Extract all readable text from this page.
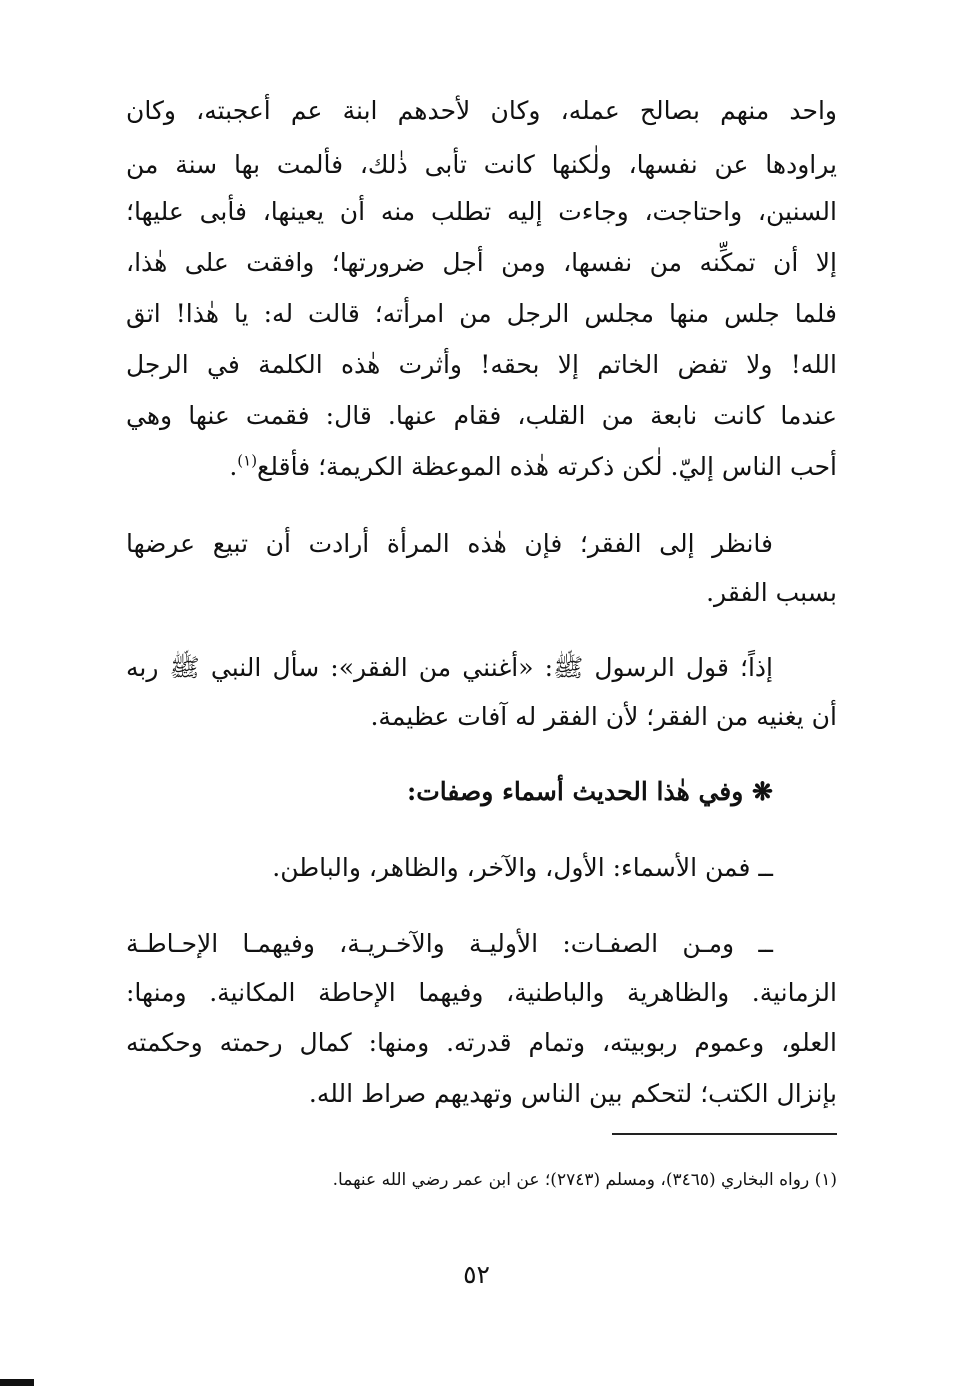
واحد منهم بصالح عمله، وكان لأحدهم ابنة عم أعجبته، وكان
يراودها عن نفسها، ولٰكنها كانت تأبى ذٰلك، فألمت بها سنة من
السنين، واحتاجت، وجاءت إليه تطلب منه أن يعينها، فأبى عليها؛
إلا أن تمكِّنه من نفسها، ومن أجل ضرورتها؛ وافقت على هٰذا،
فلما جلس منها مجلس الرجل من امرأته؛ قالت له: يا هٰذا! اتق
الله! ولا تفض الخاتم إلا بحقه! وأثرت هٰذه الكلمة في الرجل
عندما كانت نابعة من القلب، فقام عنها. قال: فقمت عنها وهي
أحب الناس إليّ. لٰكن ذكرته هٰذه الموعظة الكريمة؛ فأقلع$^{(١)}$.
فانظر إلى الفقر؛ فإن هٰذه المرأة أرادت أن تبيع عرضها
بسبب الفقر.
إذاً؛ قول الرسول ﷺ: «أغنني من الفقر»: سأل النبي ﷺ ربه
أن يغنيه من الفقر؛ لأن الفقر له آفات عظيمة.
❋ وفي هٰذا الحديث أسماء وصفات:
ــ فمن الأسماء: الأول، والآخر، والظاهر، والباطن.
ــ ومـن الصفـات: الأوليـة والآخـريـة، وفيهمـا الإحـاطـة
الزمانية. والظاهرية والباطنية، وفيهما الإحاطة المكانية. ومنها:
العلو، وعموم ربوبيته، وتمام قدرته. ومنها: كمال رحمته وحكمته
بإنزال الكتب؛ لتحكم بين الناس وتهديهم صراط الله.
(١) رواه البخاري (٣٤٦٥)، ومسلم (٢٧٤٣)؛ عن ابن عمر رضي الله عنهما.
٥٢
